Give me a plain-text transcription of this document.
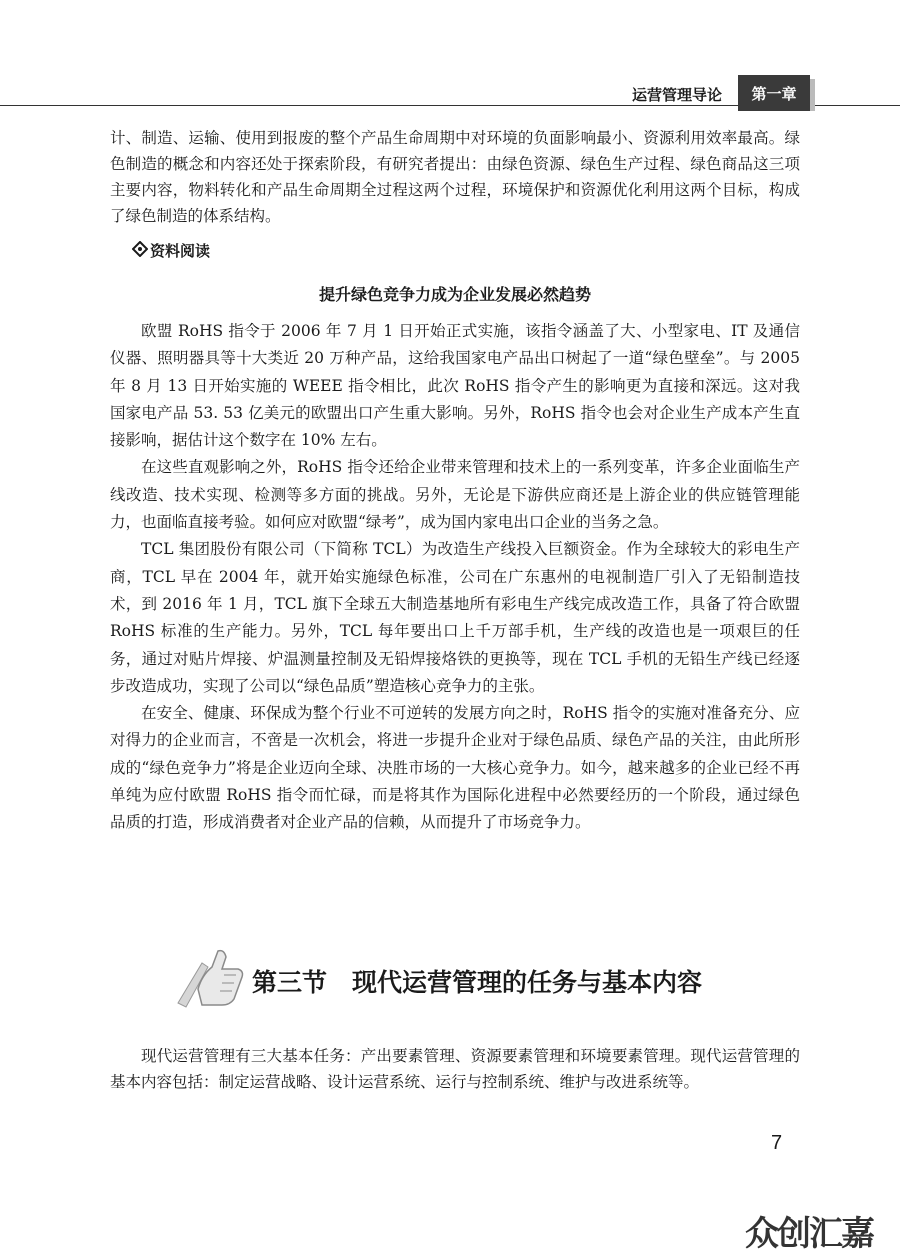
运营管理导论 第一章

计、制造、运输、使用到报废的整个产品生命周期中对环境的负面影响最小、资源利用效率最高。绿色制造的概念和内容还处于探索阶段，有研究者提出：由绿色资源、绿色生产过程、绿色商品这三项主要内容，物料转化和产品生命周期全过程这两个过程，环境保护和资源优化利用这两个目标，构成了绿色制造的体系结构。

资料阅读
提升绿色竞争力成为企业发展必然趋势

欧盟 RoHS 指令于 2006 年 7 月 1 日开始正式实施，该指令涵盖了大、小型家电、IT 及通信仪器、照明器具等十大类近 20 万种产品，这给我国家电产品出口树起了一道“绿色壁垒”。与 2005 年 8 月 13 日开始实施的 WEEE 指令相比，此次 RoHS 指令产生的影响更为直接和深远。这对我国家电产品 53. 53 亿美元的欧盟出口产生重大影响。另外，RoHS 指令也会对企业生产成本产生直接影响，据估计这个数字在 10% 左右。

在这些直观影响之外，RoHS 指令还给企业带来管理和技术上的一系列变革，许多企业面临生产线改造、技术实现、检测等多方面的挑战。另外，无论是下游供应商还是上游企业的供应链管理能力，也面临直接考验。如何应对欧盟“绿考”，成为国内家电出口企业的当务之急。

TCL 集团股份有限公司（下简称 TCL）为改造生产线投入巨额资金。作为全球较大的彩电生产商，TCL 早在 2004 年，就开始实施绿色标准，公司在广东惠州的电视制造厂引入了无铅制造技术，到 2016 年 1 月，TCL 旗下全球五大制造基地所有彩电生产线完成改造工作，具备了符合欧盟 RoHS 标准的生产能力。另外，TCL 每年要出口上千万部手机，生产线的改造也是一项艰巨的任务，通过对贴片焊接、炉温测量控制及无铅焊接烙铁的更换等，现在 TCL 手机的无铅生产线已经逐步改造成功，实现了公司以“绿色品质”塑造核心竞争力的主张。

在安全、健康、环保成为整个行业不可逆转的发展方向之时，RoHS 指令的实施对准备充分、应对得力的企业而言，不啻是一次机会，将进一步提升企业对于绿色品质、绿色产品的关注，由此所形成的“绿色竞争力”将是企业迈向全球、决胜市场的一大核心竞争力。如今，越来越多的企业已经不再单纯为应付欧盟 RoHS 指令而忙碌，而是将其作为国际化进程中必然要经历的一个阶段，通过绿色品质的打造，形成消费者对企业产品的信赖，从而提升了市场竞争力。

第三节　现代运营管理的任务与基本内容

现代运营管理有三大基本任务：产出要素管理、资源要素管理和环境要素管理。现代运营管理的基本内容包括：制定运营战略、设计运营系统、运行与控制系统、维护与改进系统等。

7
众创汇嘉
